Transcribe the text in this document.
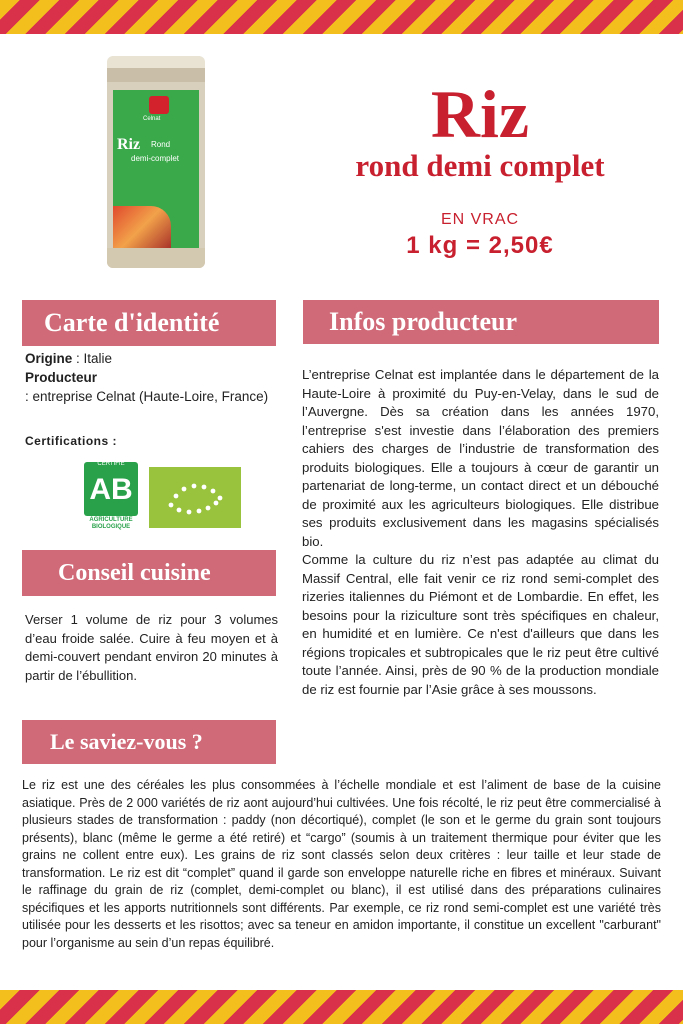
Celnat
Riz Rond
demi-complet
Riz
rond demi complet
EN VRAC
1 kg = 2,50€
Carte d'identité
Origine : Italie
Producteur
: entreprise Celnat (Haute-Loire, France)
Certifications :
AB
CERTIFIÉ
AGRICULTURE BIOLOGIQUE
Conseil cuisine
Verser 1 volume de riz pour 3 volumes d’eau froide salée. Cuire à feu moyen et à demi-couvert pendant environ 20 minutes à partir de l’ébullition.
Infos producteur
L’entreprise Celnat est implantée dans le département de la Haute-Loire à proximité du Puy-en-Velay, dans le sud de l’Auvergne. Dès sa création dans les années 1970, l’entreprise s'est investie dans l’élaboration des premiers cahiers des charges de l’industrie de transformation des produits biologiques. Elle a toujours à cœur de garantir un partenariat de long-terme, un contact direct et un débouché de proximité aux les agriculteurs biologiques. Elle distribue ses produits exclusivement dans les magasins spécialisés bio.
Comme la culture du riz n’est pas adaptée au climat du Massif Central, elle fait venir ce riz rond semi-complet des rizeries italiennes du Piémont et de Lombardie. En effet, les besoins pour la riziculture sont très spécifiques en chaleur, en humidité et en lumière. Ce n'est d'ailleurs que dans les régions tropicales et subtropicales que le riz peut être cultivé toute l’année. Ainsi, près de 90 % de la production mondiale de riz est fournie par l’Asie grâce à ses moussons.
Le saviez-vous ?
Le riz est une des céréales les plus consommées à l’échelle mondiale et est l’aliment de base de la cuisine asiatique. Près de 2 000 variétés de riz aont aujourd’hui cultivées. Une fois récolté, le riz peut être commercialisé à plusieurs stades de transformation : paddy (non décortiqué), complet (le son et le germe du grain sont toujours présents), blanc (même le germe a été retiré) et “cargo” (soumis à un traitement thermique pour éviter que les grains ne collent entre eux). Les grains de riz sont classés selon deux critères : leur taille et leur stade de transformation. Le riz est dit “complet” quand il garde son enveloppe naturelle riche en fibres et minéraux. Suivant le raffinage du grain de riz (complet, demi-complet ou blanc), il est utilisé dans des préparations culinaires spécifiques et les apports nutritionnels sont différents. Par exemple, ce riz rond semi-complet est une variété très utilisée pour les desserts et les risottos; avec sa teneur en amidon importante, il constitue un excellent "carburant" pour l’organisme au sein d’un repas équilibré.
